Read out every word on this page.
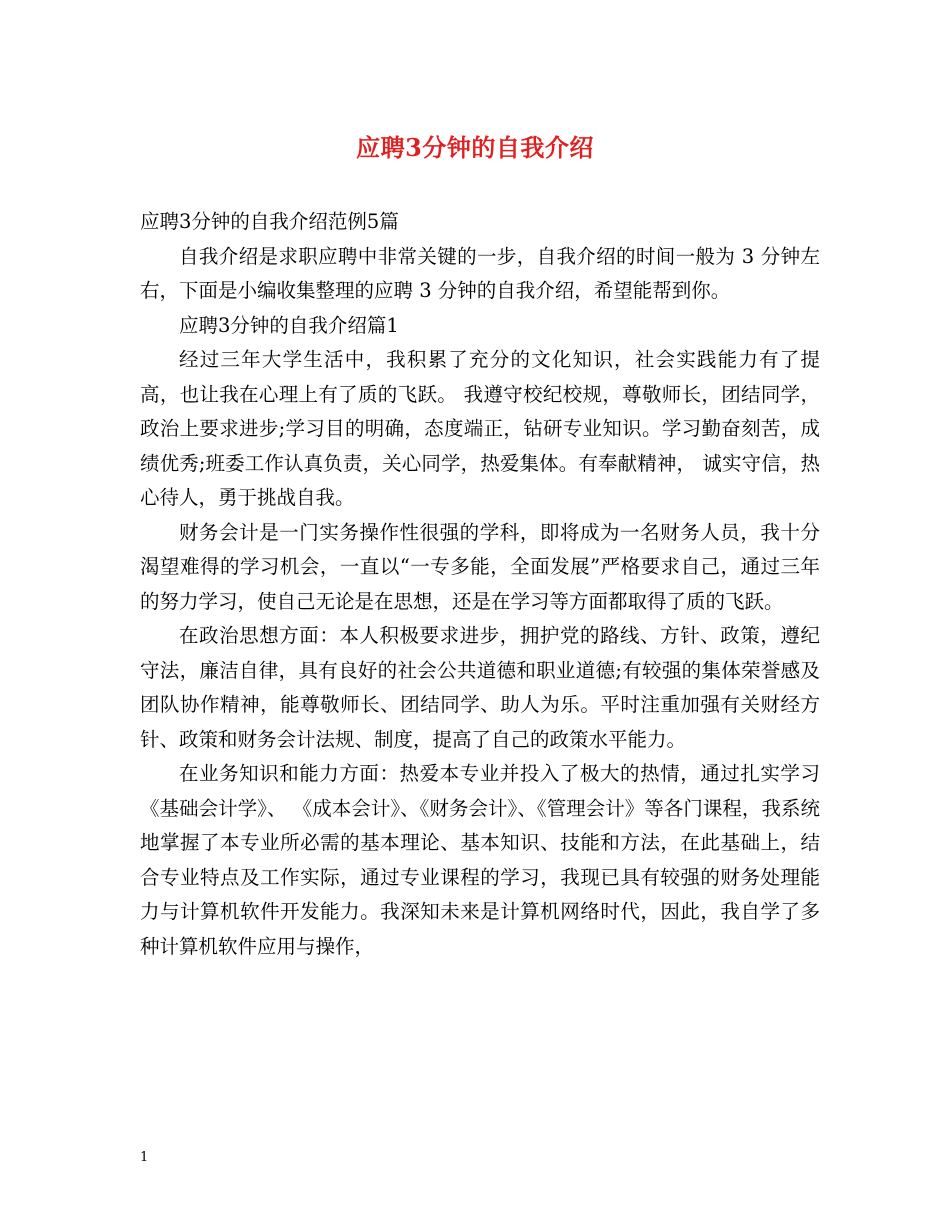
应聘3分钟的自我介绍

应聘3分钟的自我介绍范例5篇

自我介绍是求职应聘中非常关键的一步，自我介绍的时间一般为 3 分钟左右，下面是小编收集整理的应聘 3 分钟的自我介绍，希望能帮到你。

应聘3分钟的自我介绍篇1

经过三年大学生活中，我积累了充分的文化知识，社会实践能力有了提高，也让我在心理上有了质的飞跃。 我遵守校纪校规，尊敬师长，团结同学，政治上要求进步;学习目的明确，态度端正，钻研专业知识。学习勤奋刻苦，成绩优秀;班委工作认真负责，关心同学，热爱集体。有奉献精神， 诚实守信，热心待人，勇于挑战自我。

财务会计是一门实务操作性很强的学科，即将成为一名财务人员，我十分渴望难得的学习机会，一直以“一专多能，全面发展”严格要求自己，通过三年的努力学习，使自己无论是在思想，还是在学习等方面都取得了质的飞跃。

在政治思想方面：本人积极要求进步，拥护党的路线、方针、政策，遵纪守法，廉洁自律，具有良好的社会公共道德和职业道德;有较强的集体荣誉感及团队协作精神，能尊敬师长、团结同学、助人为乐。平时注重加强有关财经方针、政策和财务会计法规、制度，提高了自己的政策水平能力。

在业务知识和能力方面：热爱本专业并投入了极大的热情，通过扎实学习《基础会计学》、 《成本会计》、《财务会计》、《管理会计》等各门课程，我系统地掌握了本专业所必需的基本理论、基本知识、技能和方法，在此基础上，结合专业特点及工作实际，通过专业课程的学习，我现已具有较强的财务处理能力与计算机软件开发能力。我深知未来是计算机网络时代，因此，我自学了多种计算机软件应用与操作，

1
